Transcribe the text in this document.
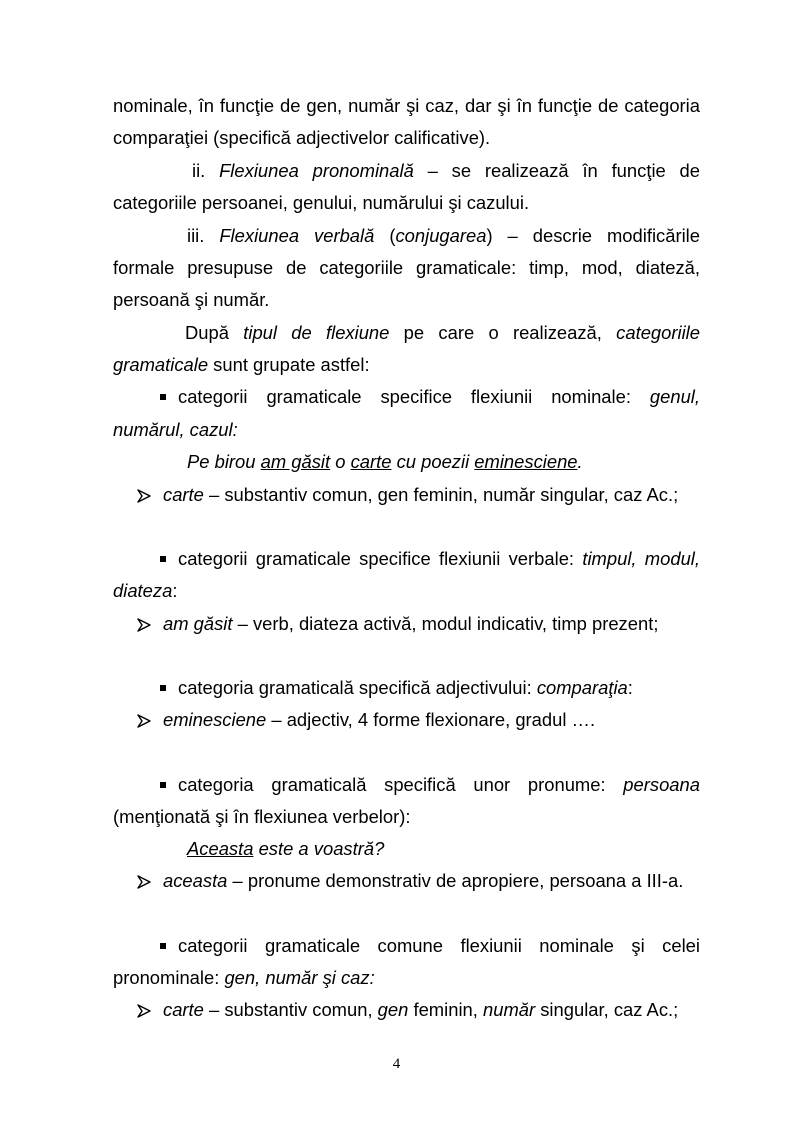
nominale, în funcţie de gen, număr şi caz, dar şi în funcţie de categoria
comparaţiei (specifică adjectivelor calificative).
ii. Flexiunea pronominală – se realizează în funcţie de
categoriile persoanei, genului, numărului şi cazului.
iii. Flexiunea verbală (conjugarea) – descrie modificările
formale presupuse de categoriile gramaticale: timp, mod, diateză,
persoană şi număr.
După tipul de flexiune pe care o realizează, categoriile
gramaticale sunt grupate astfel:
categorii gramaticale specifice flexiunii nominale: genul,
numărul, cazul:
Pe birou am găsit o carte cu poezii eminesciene.
carte – substantiv comun, gen feminin, număr singular, caz Ac.;
categorii gramaticale specifice flexiunii verbale: timpul, modul,
diateza:
am găsit – verb, diateza activă, modul indicativ, timp prezent;
categoria gramaticală specifică adjectivului: comparaţia:
eminesciene – adjectiv, 4 forme flexionare, gradul ….
categoria gramaticală specifică unor pronume: persoana
(menţionată şi în flexiunea verbelor):
Aceasta este a voastră?
aceasta – pronume demonstrativ de apropiere, persoana a III-a.
categorii gramaticale comune flexiunii nominale şi celei
pronominale: gen, număr şi caz:
carte – substantiv comun, gen feminin, număr singular, caz Ac.;
4
